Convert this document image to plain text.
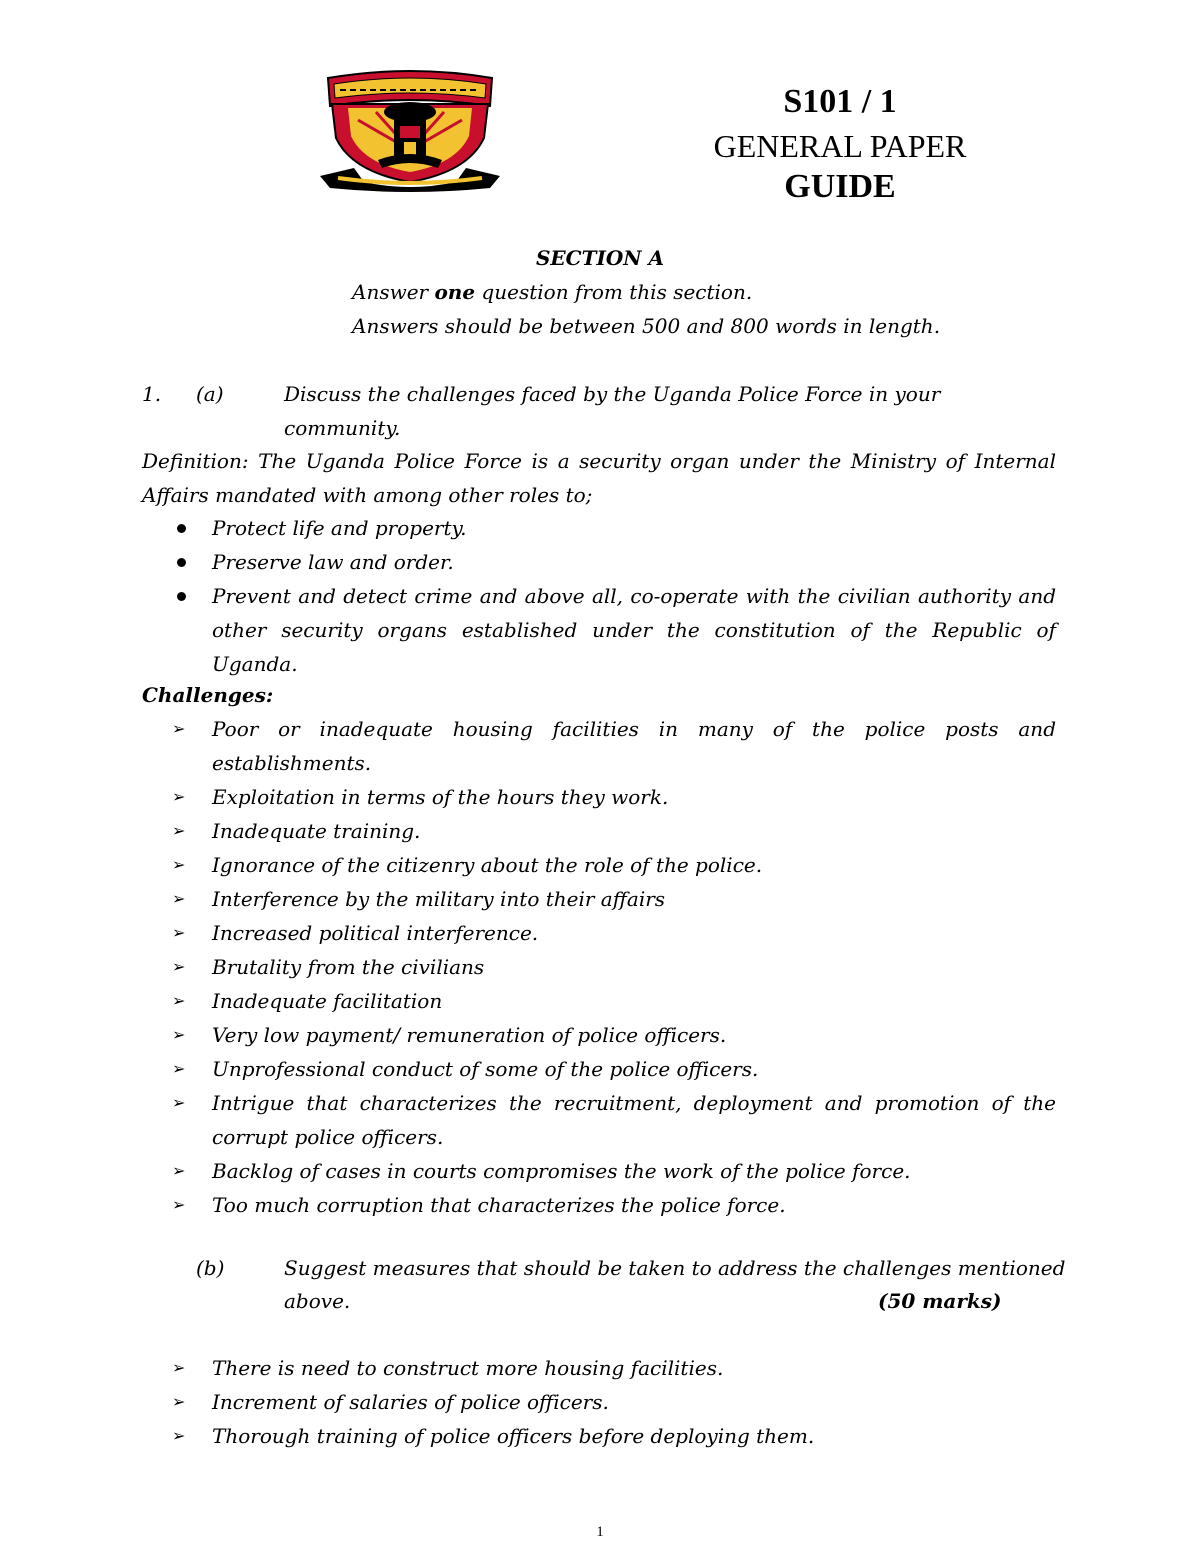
S101 / 1
GENERAL PAPER
GUIDE
SECTION A
Answer one question from this section.
Answers should be between 500 and 800 words in length.
1. (a)	Discuss the challenges faced by the Uganda Police Force in your
community.
Definition: The Uganda Police Force is a security organ under the Ministry of Internal Affairs mandated with among other roles to;
Protect life and property.
Preserve law and order.
Prevent and detect crime and above all, co-operate with the civilian authority and other security organs established under the constitution of the Republic of Uganda.
Challenges:
➢	Poor or inadequate housing facilities in many of the police posts and establishments.
➢	Exploitation in terms of the hours they work.
➢	Inadequate training.
➢	Ignorance of the citizenry about the role of the police.
➢	Interference by the military into their affairs
➢	Increased political interference.
➢	Brutality from the civilians
➢	Inadequate facilitation
➢	Very low payment/ remuneration of police officers.
➢	Unprofessional conduct of some of the police officers.
➢	Intrigue that characterizes the recruitment, deployment and promotion of the corrupt police officers.
➢	Backlog of cases in courts compromises the work of the police force.
➢	Too much corruption that characterizes the police force.
(b)	Suggest measures that should be taken to address the challenges mentioned
above.	(50 marks)
➢	There is need to construct more housing facilities.
➢	Increment of salaries of police officers.
➢	Thorough training of police officers before deploying them.
1
